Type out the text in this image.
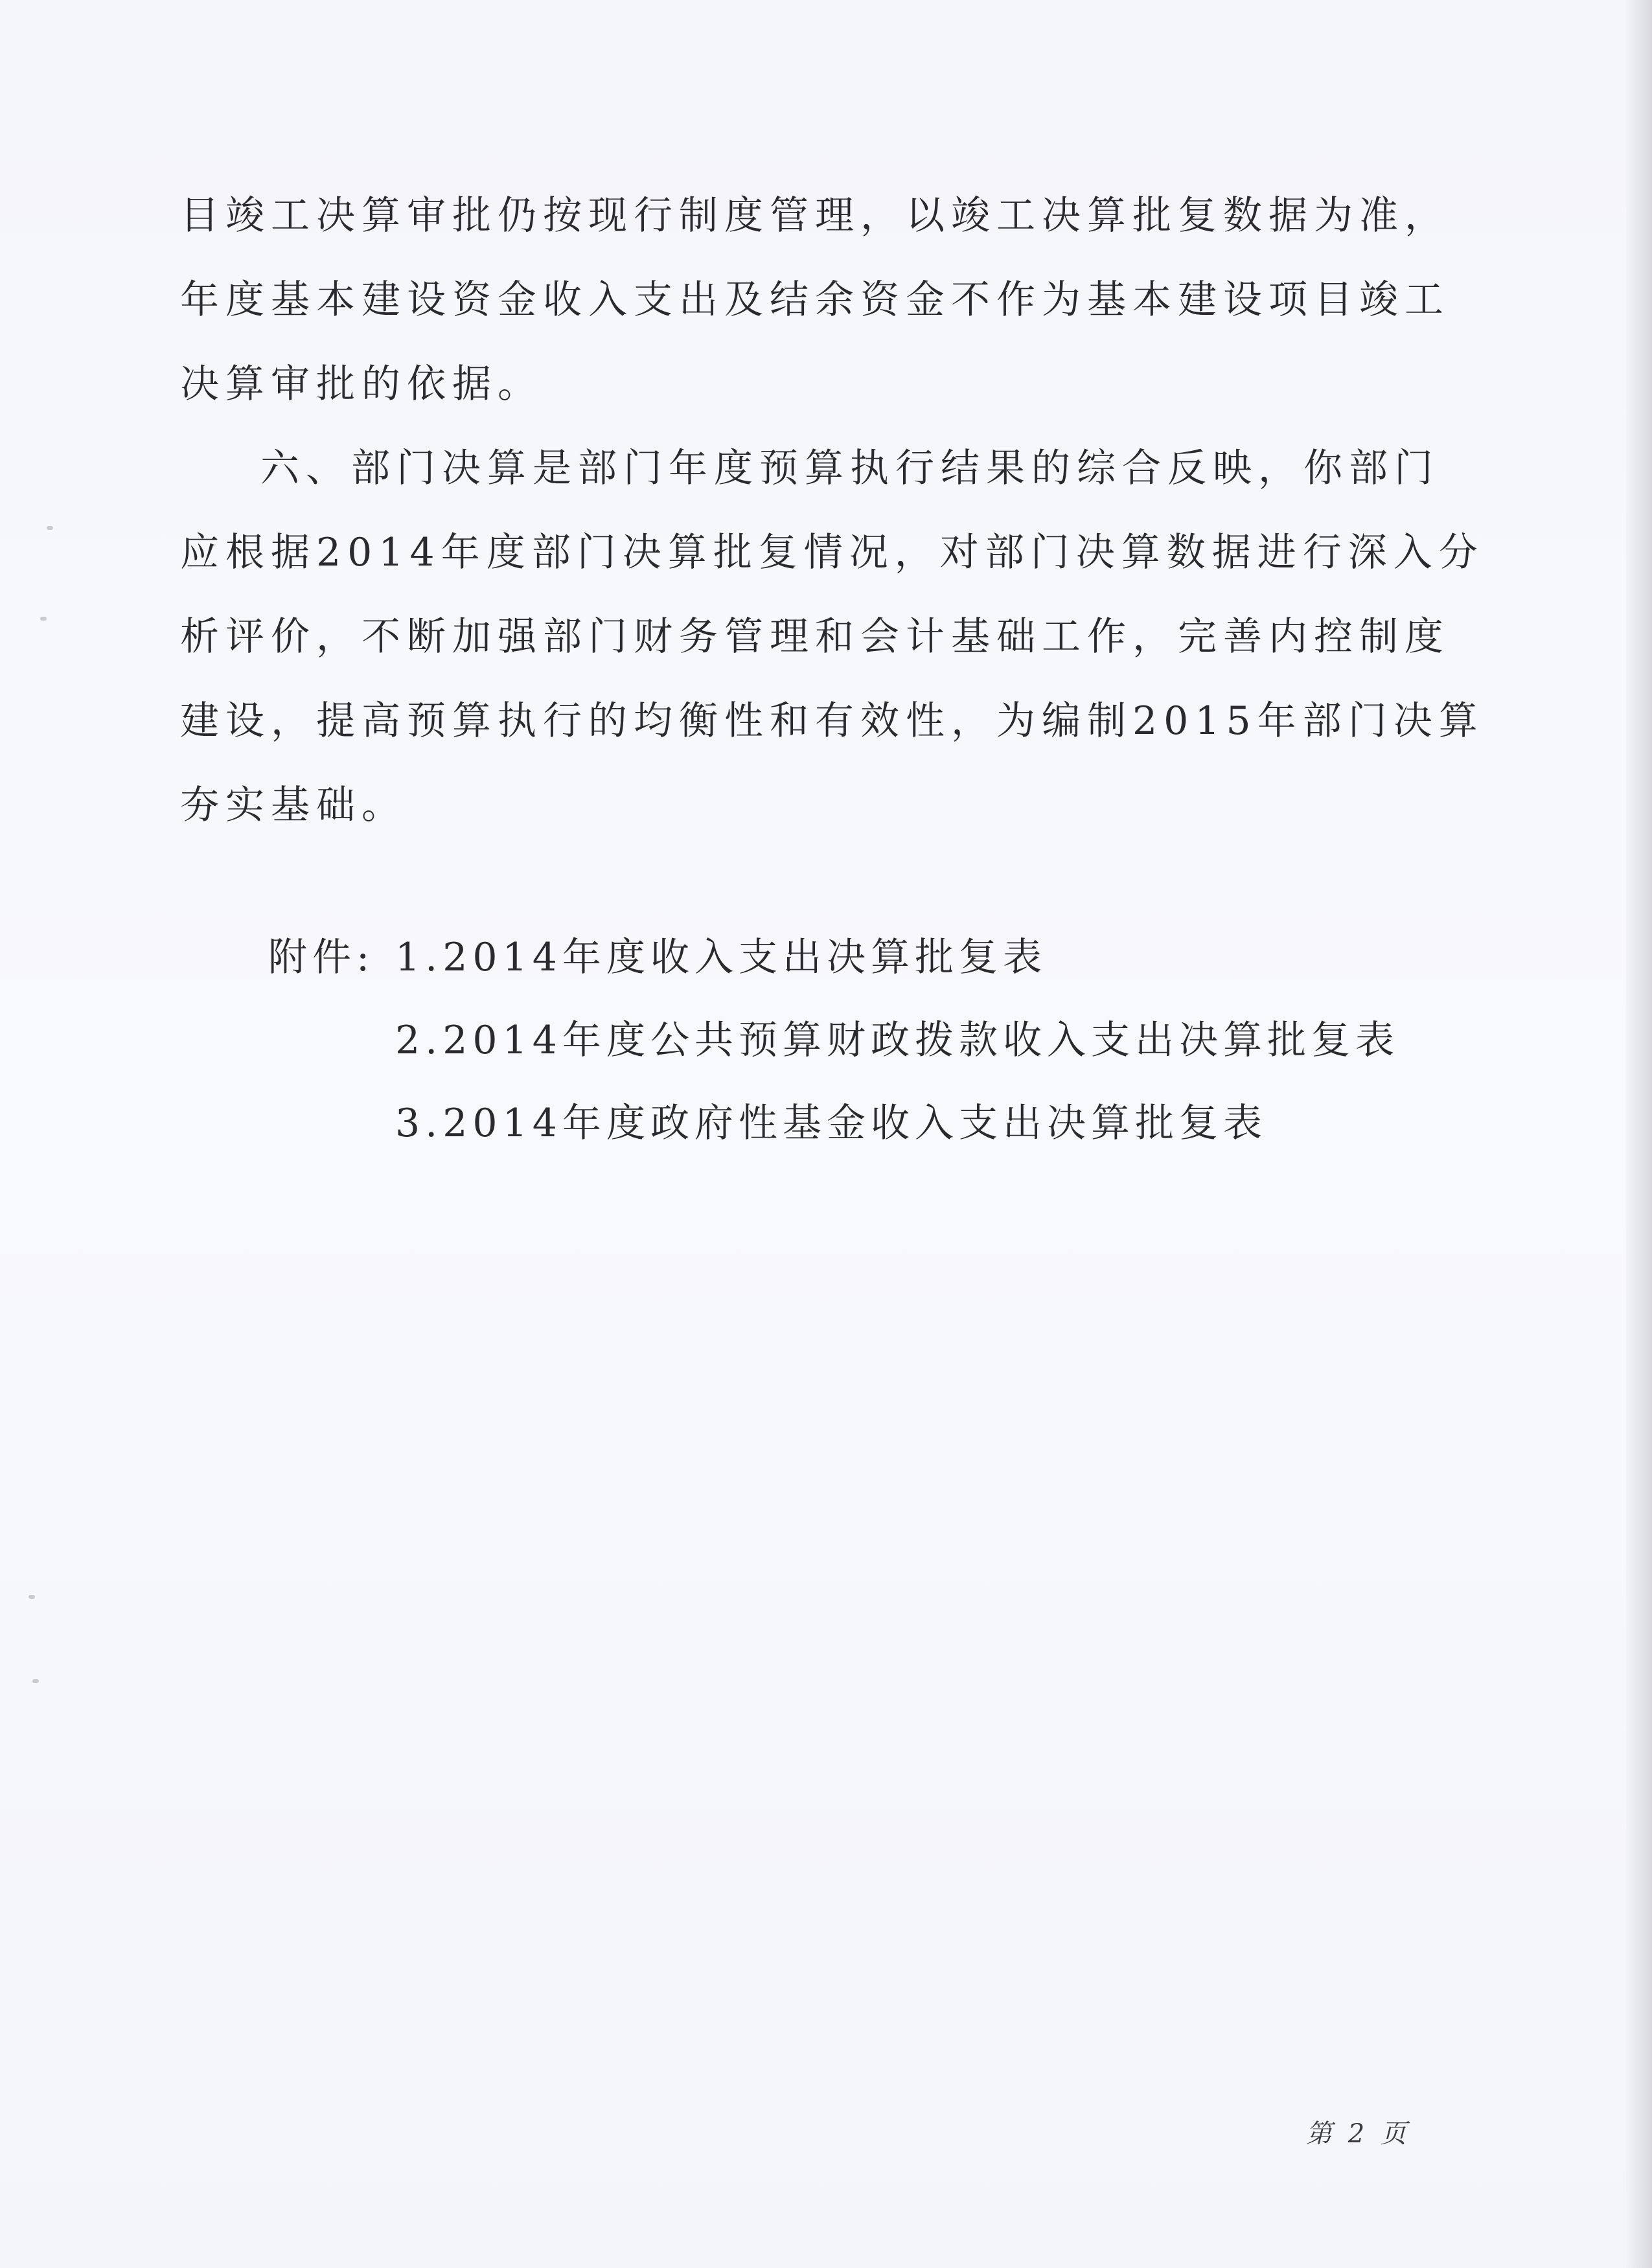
目竣工决算审批仍按现行制度管理，以竣工决算批复数据为准，
年度基本建设资金收入支出及结余资金不作为基本建设项目竣工
决算审批的依据。
六、部门决算是部门年度预算执行结果的综合反映，你部门
应根据2014年度部门决算批复情况，对部门决算数据进行深入分
析评价，不断加强部门财务管理和会计基础工作，完善内控制度
建设，提高预算执行的均衡性和有效性，为编制2015年部门决算
夯实基础。
附件: 1.2014年度收入支出决算批复表
2.2014年度公共预算财政拨款收入支出决算批复表
3.2014年度政府性基金收入支出决算批复表
第 2 页
